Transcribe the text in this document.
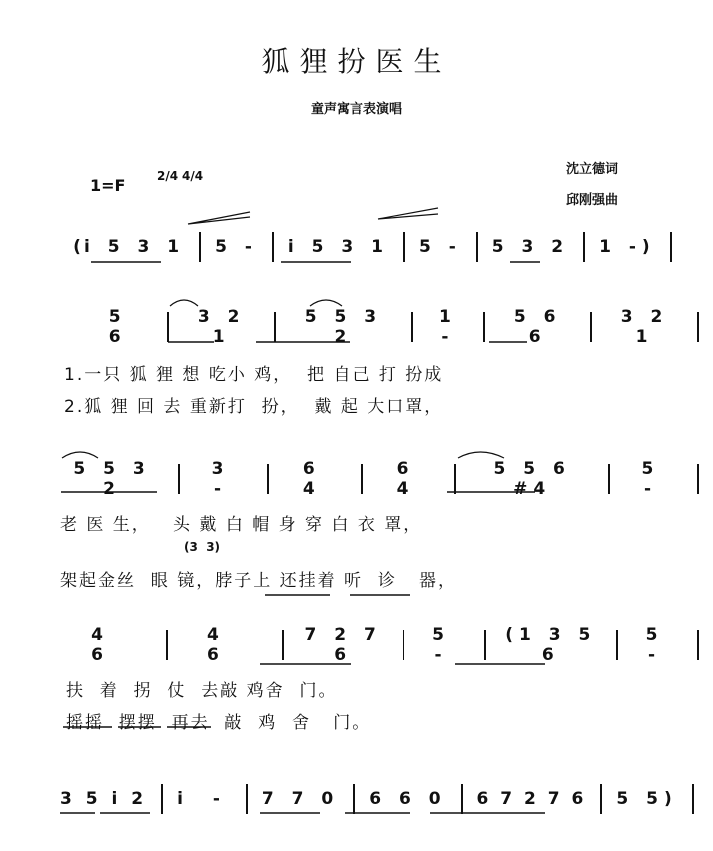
狐狸扮医生
童声寓言表演唱
沈立德词
邱刚强曲
1=F	2/4 4/4
( i 5 3 1 5 - i 5 3 1 5 - 5 3 2 1 -)
5 6
3 2 1
5 5 3 2
1 -
5 6 6
3 2 1
1.一只 狐 狸 想 吃小 鸡，  把 自己 打 扮成
2.狐 狸 回 去 重新打  扮，  戴 起 大口罩，
5 5 3 2
3 -
6 4
6 4
5 5 6 #4
5 -
老 医 生，   头 戴 白 帽 身 穿 白 衣 罩，
(3  3)
架起金丝  眼 镜，脖子上 还挂着 听  诊   器，
4 6
4 6
7 2 7 6
5 -
(1 3 5 6
5 -
扶  着  拐  仗  去敲 鸡舍  门。
摇摇  摆摆  再去  敲  鸡  舍   门。
3 5 i 2 i - 7 7 0 6 6 0 6 7 2 7 6 5 5)
